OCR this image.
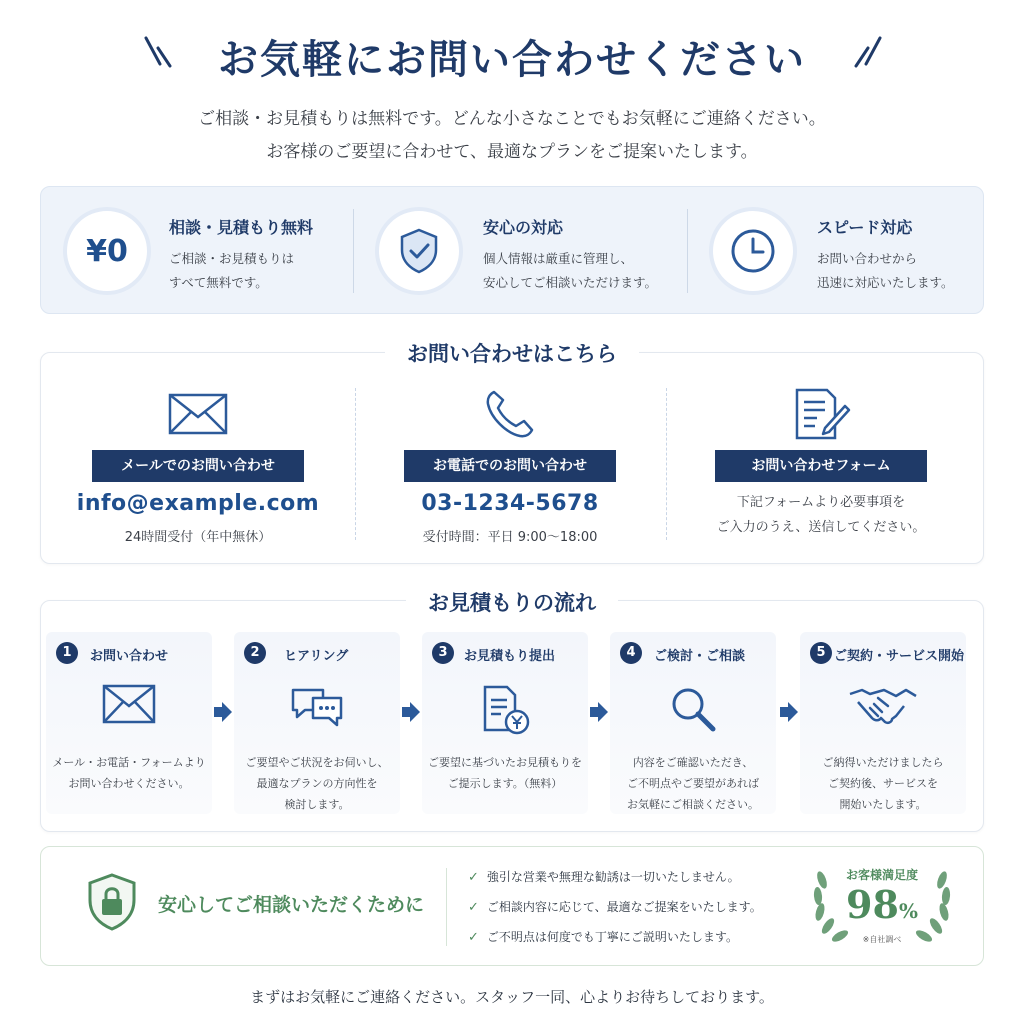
お気軽にお問い合わせください
ご相談・お見積もりは無料です。どんな小さなことでもお気軽にご連絡ください。
お客様のご要望に合わせて、最適なプランをご提案いたします。
¥0
相談・見積もり無料
ご相談・お見積もりは
すべて無料です。
安心の対応
個人情報は厳重に管理し、
安心してご相談いただけます。
スピード対応
お問い合わせから
迅速に対応いたします。
お問い合わせはこちら
メールでのお問い合わせ
info@example.com
24時間受付（年中無休）
お電話でのお問い合わせ
03-1234-5678
受付時間：平日 9:00〜18:00
お問い合わせフォーム
下記フォームより必要事項を
ご入力のうえ、送信してください。
お見積もりの流れ
1	お問い合わせ
メール・お電話・フォームより
お問い合わせください。
2	ヒアリング
ご要望やご状況をお伺いし、
最適なプランの方向性を
検討します。
3	お見積もり提出
ご要望に基づいたお見積もりを
ご提示します。（無料）
4	ご検討・ご相談
内容をご確認いただき、
ご不明点やご要望があれば
お気軽にご相談ください。
5 ご契約・サービス開始
ご納得いただけましたら
ご契約後、サービスを
開始いたします。
安心してご相談いただくために
✓ 強引な営業や無理な勧誘は一切いたしません。
✓ ご相談内容に応じて、最適なご提案をいたします。
✓ ご不明点は何度でも丁寧にご説明いたします。
お客様満足度
98%
※自社調べ
まずはお気軽にご連絡ください。スタッフ一同、心よりお待ちしております。
